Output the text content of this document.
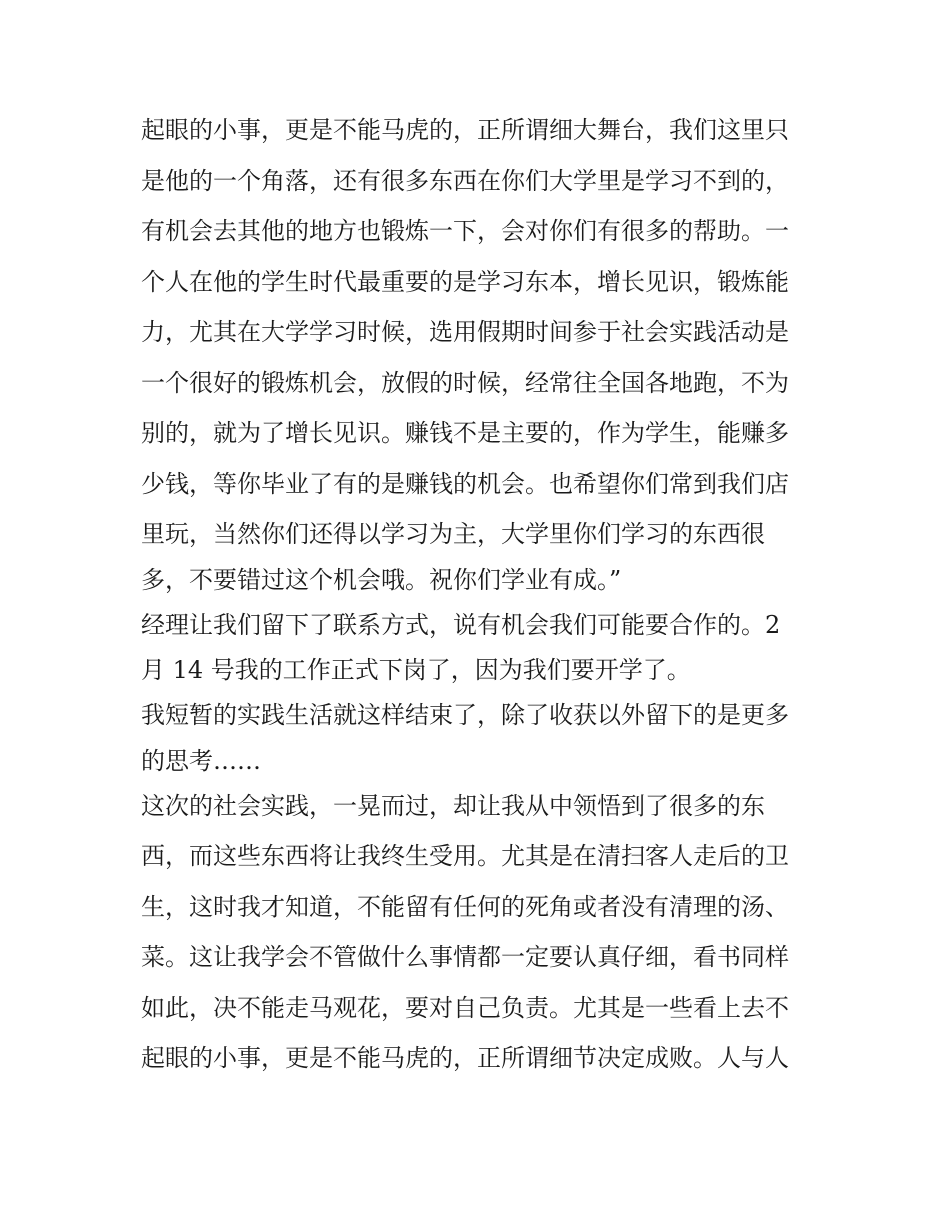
起眼的小事，更是不能马虎的，正所谓细大舞台，我们这里只
是他的一个角落，还有很多东西在你们大学里是学习不到的，
有机会去其他的地方也锻炼一下，会对你们有很多的帮助。一
个人在他的学生时代最重要的是学习东本，增长见识，锻炼能
力，尤其在大学学习时候，选用假期时间参于社会实践活动是
一个很好的锻炼机会，放假的时候，经常往全国各地跑，不为
别的，就为了增长见识。赚钱不是主要的，作为学生，能赚多
少钱，等你毕业了有的是赚钱的机会。也希望你们常到我们店
里玩，当然你们还得以学习为主，大学里你们学习的东西很
多，不要错过这个机会哦。祝你们学业有成。”
经理让我们留下了联系方式，说有机会我们可能要合作的。2
月 14 号我的工作正式下岗了，因为我们要开学了。
我短暂的实践生活就这样结束了，除了收获以外留下的是更多
的思考……
这次的社会实践，一晃而过，却让我从中领悟到了很多的东
西，而这些东西将让我终生受用。尤其是在清扫客人走后的卫
生，这时我才知道，不能留有任何的死角或者没有清理的汤、
菜。这让我学会不管做什么事情都一定要认真仔细，看书同样
如此，决不能走马观花，要对自己负责。尤其是一些看上去不
起眼的小事，更是不能马虎的，正所谓细节决定成败。人与人
